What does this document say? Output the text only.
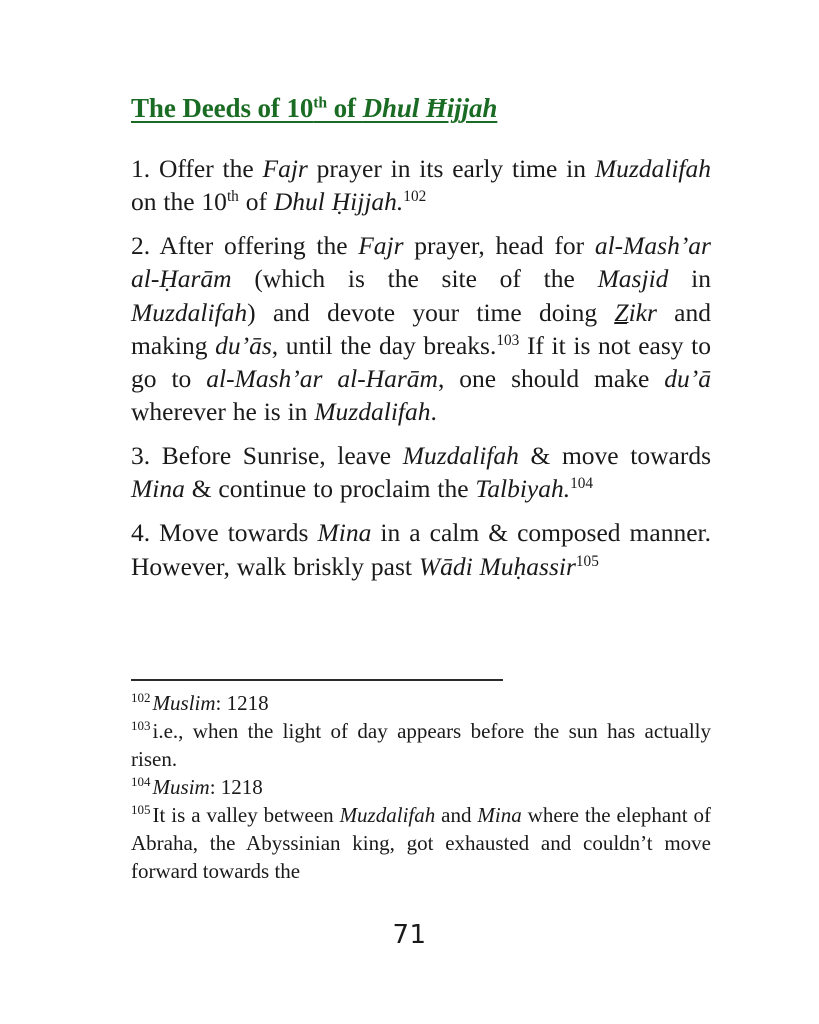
The Deeds of 10th of Dhul Ħijjah

1. Offer the Fajr prayer in its early time in Muzdalifah on the 10th of Dhul Ḥijjah.$^{102}$

2. After offering the Fajr prayer, head for al-Mash’ar al-Ḥarām (which is the site of the Masjid in Muzdalifah) and devote your time doing Z̲ikr and making du’ās, until the day breaks.$^{103}$ If it is not easy to go to al-Mash’ar al-Harām, one should make du’ā wherever he is in Muzdalifah.

3. Before Sunrise, leave Muzdalifah & move towards Mina & continue to proclaim the Talbiyah.$^{104}$

4. Move towards Mina in a calm & composed manner. However, walk briskly past Wādi Muḥassir$^{105}$

$^{102}$Muslim: 1218

$^{103}$i.e., when the light of day appears before the sun has actually risen.

$^{104}$Musim: 1218

$^{105}$It is a valley between Muzdalifah and Mina where the elephant of Abraha, the Abyssinian king, got exhausted and couldn’t move forward towards the

71
